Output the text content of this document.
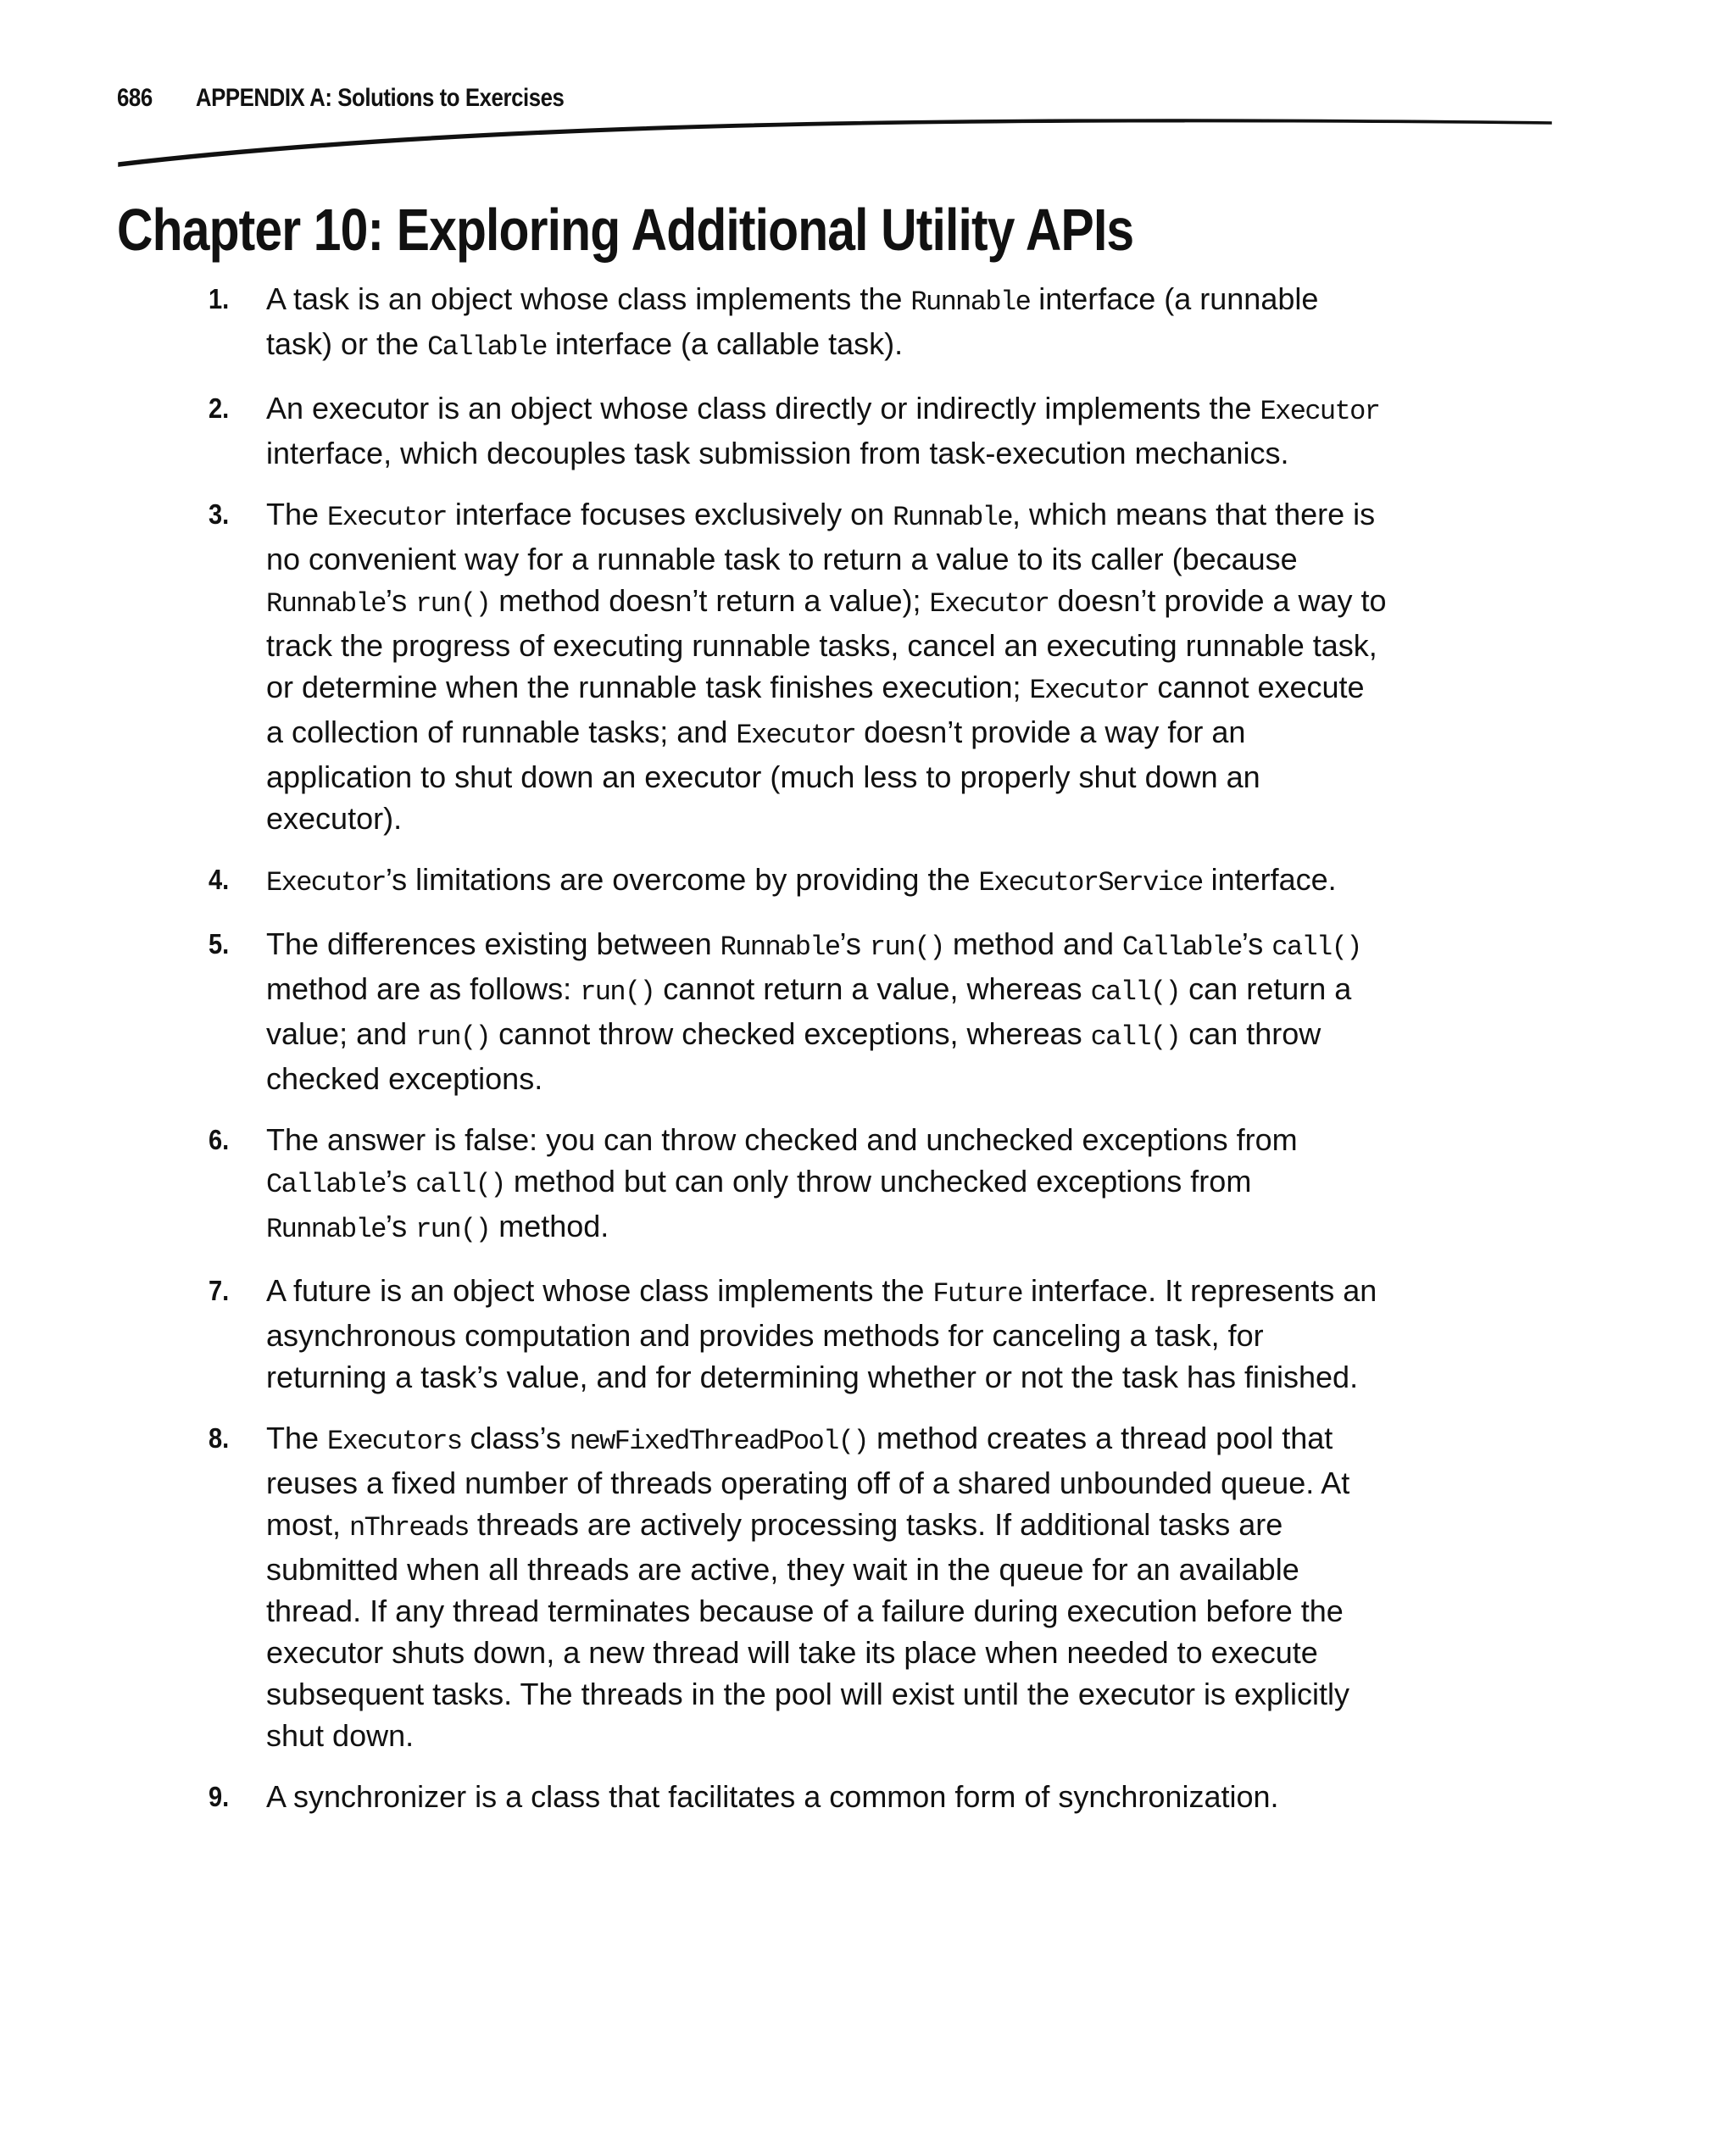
686 APPENDIX A: Solutions to Exercises
Chapter 10: Exploring Additional Utility APIs
1. A task is an object whose class implements the Runnable interface (a runnable task) or the Callable interface (a callable task).
2. An executor is an object whose class directly or indirectly implements the Executor interface, which decouples task submission from task-execution mechanics.
3. The Executor interface focuses exclusively on Runnable, which means that there is no convenient way for a runnable task to return a value to its caller (because Runnable’s run() method doesn’t return a value); Executor doesn’t provide a way to track the progress of executing runnable tasks, cancel an executing runnable task, or determine when the runnable task finishes execution; Executor cannot execute a collection of runnable tasks; and Executor doesn’t provide a way for an application to shut down an executor (much less to properly shut down an executor).
4. Executor’s limitations are overcome by providing the ExecutorService interface.
5. The differences existing between Runnable’s run() method and Callable’s call() method are as follows: run() cannot return a value, whereas call() can return a value; and run() cannot throw checked exceptions, whereas call() can throw checked exceptions.
6. The answer is false: you can throw checked and unchecked exceptions from Callable’s call() method but can only throw unchecked exceptions from Runnable’s run() method.
7. A future is an object whose class implements the Future interface. It represents an asynchronous computation and provides methods for canceling a task, for returning a task’s value, and for determining whether or not the task has finished.
8. The Executors class’s newFixedThreadPool() method creates a thread pool that reuses a fixed number of threads operating off of a shared unbounded queue. At most, nThreads threads are actively processing tasks. If additional tasks are submitted when all threads are active, they wait in the queue for an available thread. If any thread terminates because of a failure during execution before the executor shuts down, a new thread will take its place when needed to execute subsequent tasks. The threads in the pool will exist until the executor is explicitly shut down.
9. A synchronizer is a class that facilitates a common form of synchronization.
